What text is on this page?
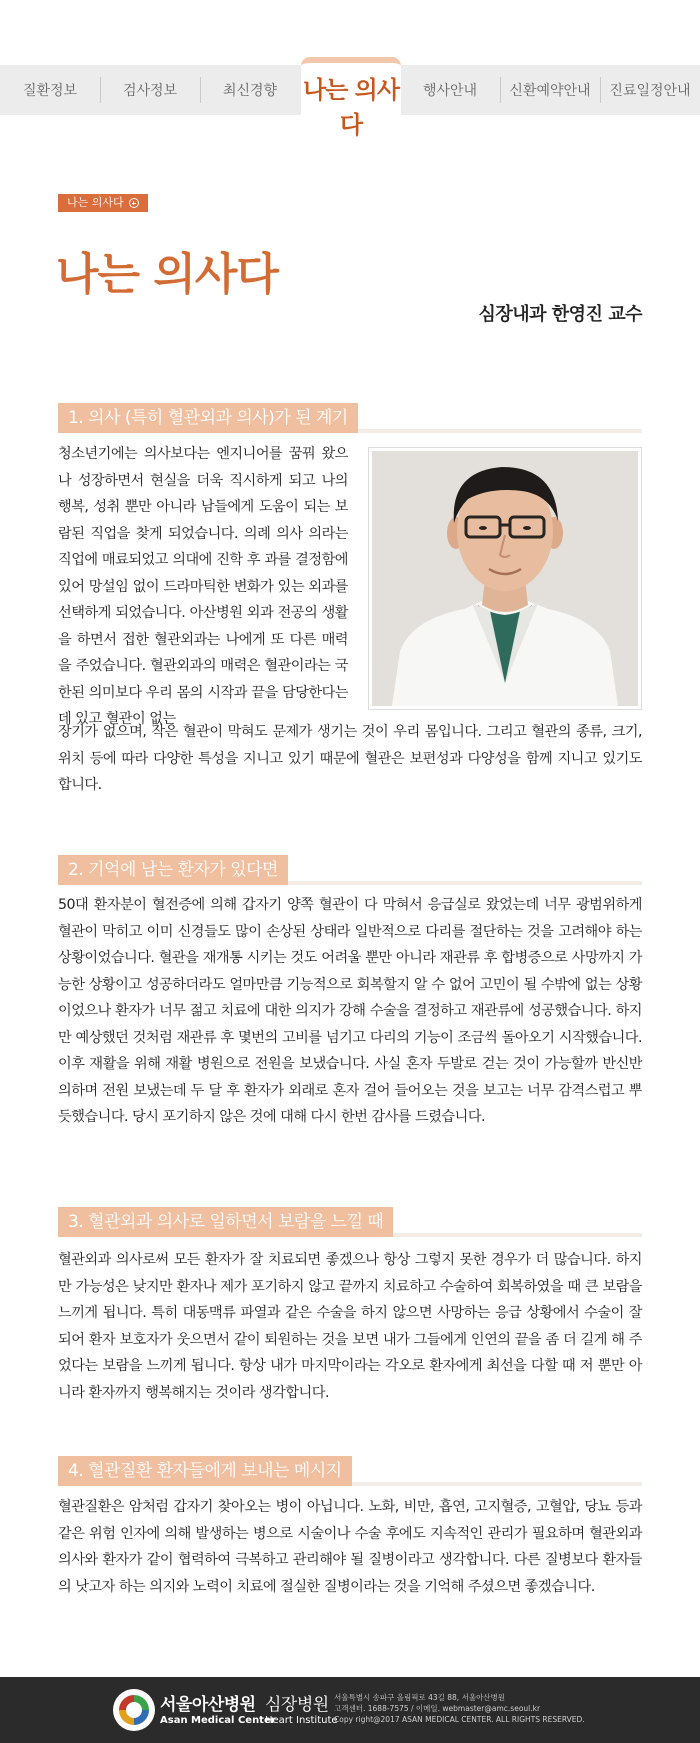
질환정보	검사정보	최신경향	행사안내 신환예약안내 진료일정안내
나는 의사다
나는 의사다
나는 의사다
심장내과 한영진 교수
1. 의사 (특히 혈관외과 의사)가 된 계기
청소년기에는 의사보다는 엔지니어를 꿈꿔 왔으나 성장하면서 현실을 더욱 직시하게 되고 나의 행복, 성취 뿐만 아니라 남들에게 도움이 되는 보람된 직업을 찾게 되었습니다. 의례 의사 의라는 직업에 매료되었고 의대에 진학 후 과를 결정함에 있어 망설임 없이 드라마틱한 변화가 있는 외과를 선택하게 되었습니다. 아산병원 외과 전공의 생활을 하면서 접한 혈관외과는 나에게 또 다른 매력을 주었습니다. 혈관외과의 매력은 혈관이라는 국한된 의미보다 우리 몸의 시작과 끝을 담당한다는데 있고 혈관이 없는
장기가 없으며, 작은 혈관이 막혀도 문제가 생기는 것이 우리 몸입니다. 그리고 혈관의 종류, 크기, 위치 등에 따라 다양한 특성을 지니고 있기 때문에 혈관은 보편성과 다양성을 함께 지니고 있기도 합니다.
2. 기억에 남는 환자가 있다면
50대 환자분이 혈전증에 의해 갑자기 양쪽 혈관이 다 막혀서 응급실로 왔었는데 너무 광범위하게 혈관이 막히고 이미 신경들도 많이 손상된 상태라 일반적으로 다리를 절단하는 것을 고려해야 하는 상황이었습니다. 혈관을 재개통 시키는 것도 어려울 뿐만 아니라 재관류 후 합병증으로 사망까지 가능한 상황이고 성공하더라도 얼마만큼 기능적으로 회복할지 알 수 없어 고민이 될 수밖에 없는 상황이었으나 환자가 너무 젊고 치료에 대한 의지가 강해 수술을 결정하고 재관류에 성공했습니다. 하지만 예상했던 것처럼 재관류 후 몇번의 고비를 넘기고 다리의 기능이 조금씩 돌아오기 시작했습니다. 이후 재활을 위해 재활 병원으로 전원을 보냈습니다. 사실 혼자 두발로 걷는 것이 가능할까 반신반의하며 전원 보냈는데 두 달 후 환자가 외래로 혼자 걸어 들어오는 것을 보고는 너무 감격스럽고 뿌듯했습니다. 당시 포기하지 않은 것에 대해 다시 한번 감사를 드렸습니다.
3. 혈관외과 의사로 일하면서 보람을 느낄 때
혈관외과 의사로써 모든 환자가 잘 치료되면 좋겠으나 항상 그렇지 못한 경우가 더 많습니다. 하지만 가능성은 낮지만 환자나 제가 포기하지 않고 끝까지 치료하고 수술하여 회복하였을 때 큰 보람을 느끼게 됩니다. 특히 대동맥류 파열과 같은 수술을 하지 않으면 사망하는 응급 상황에서 수술이 잘 되어 환자 보호자가 웃으면서 같이 퇴원하는 것을 보면 내가 그들에게 인연의 끝을 좀 더 길게 해 주었다는 보람을 느끼게 됩니다. 항상 내가 마지막이라는 각오로 환자에게 최선을 다할 때 저 뿐만 아니라 환자까지 행복해지는 것이라 생각합니다.
4. 혈관질환 환자들에게 보내는 메시지
혈관질환은 암처럼 갑자기 찾아오는 병이 아닙니다. 노화, 비만, 흡연, 고지혈증, 고혈압, 당뇨 등과 같은 위험 인자에 의해 발생하는 병으로 시술이나 수술 후에도 지속적인 관리가 필요하며 혈관외과 의사와 환자가 같이 협력하여 극복하고 관리해야 될 질병이라고 생각합니다. 다른 질병보다 환자들의 낫고자 하는 의지와 노력이 치료에 절실한 질병이라는 것을 기억해 주셨으면 좋겠습니다.
서울아산병원
Asan Medical Center
심장병원
Heart Institute
서울특별시 송파구 올림픽로 43길 88, 서울아산병원
고객센터. 1688-7575 / 이메일. webmaster@amc.seoul.kr
Copy right@2017 ASAN MEDICAL CENTER. ALL RIGHTS RESERVED.
